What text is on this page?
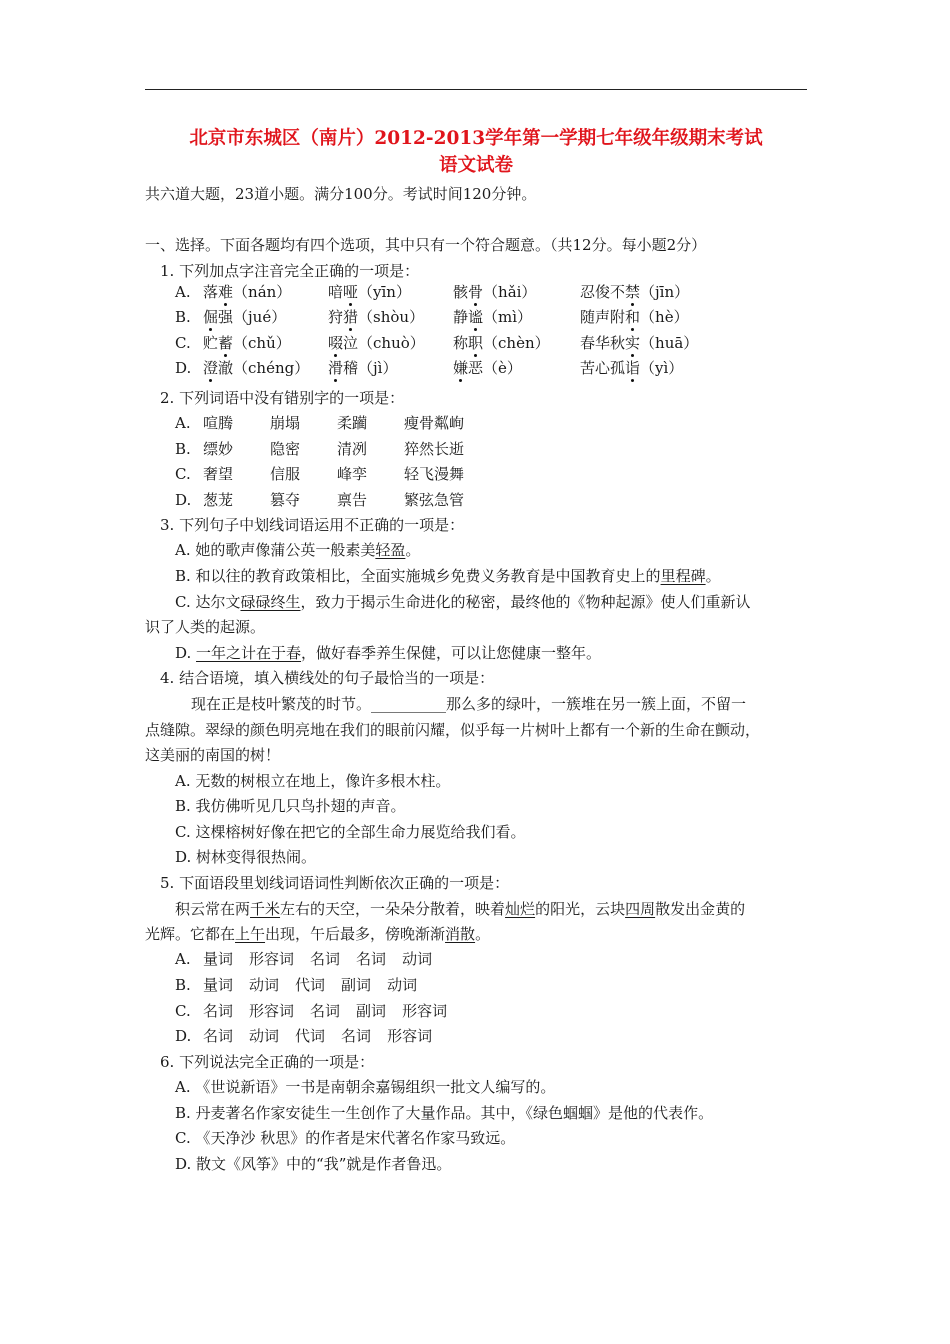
北京市东城区（南片）2012-2013学年第一学期七年级年级期末考试
语文试卷
共六道大题，23道小题。满分100分。考试时间120分钟。
一、选择。下面各题均有四个选项，其中只有一个符合题意。（共12分。每小题2分）
1. 下列加点字注音完全正确的一项是：
A. 落难（nán） 喑哑（yīn）	骸骨（hǎi）	忍俊不禁（jīn）
B. 倔强（jué）	狩猎（shòu） 静谧（mì）	随声附和（hè）
C. 贮蓄（chǔ） 啜泣（chuò） 称职（chèn） 春华秋实（huā）
D. 澄澈（chéng） 滑稽（jì）	嫌恶（è）	苦心孤诣（yì）
2. 下列词语中没有错别字的一项是：
A. 喧腾 崩塌 柔躏 瘦骨粼峋
B. 缥妙 隐密 清冽 猝然长逝
C. 奢望 信服 峰孪 轻飞漫舞
D. 葱茏 篡夺 禀告 繁弦急管
3. 下列句子中划线词语运用不正确的一项是：
A. 她的歌声像蒲公英一般素美轻盈。
B. 和以往的教育政策相比，全面实施城乡免费义务教育是中国教育史上的里程碑。
C. 达尔文碌碌终生，致力于揭示生命进化的秘密，最终他的《物种起源》使人们重新认
识了人类的起源。
D. 一年之计在于春，做好春季养生保健，可以让您健康一整年。
4. 结合语境，填入横线处的句子最恰当的一项是：
现在正是枝叶繁茂的时节。__________那么多的绿叶，一簇堆在另一簇上面，不留一
点缝隙。翠绿的颜色明亮地在我们的眼前闪耀，似乎每一片树叶上都有一个新的生命在颤动，
这美丽的南国的树！
A. 无数的树根立在地上，像许多根木柱。
B. 我仿佛听见几只鸟扑翅的声音。
C. 这棵榕树好像在把它的全部生命力展览给我们看。
D. 树林变得很热闹。
5. 下面语段里划线词语词性判断依次正确的一项是：
积云常在两千米左右的天空，一朵朵分散着，映着灿烂的阳光，云块四周散发出金黄的
光辉。它都在上午出现，午后最多，傍晚渐渐消散。
A. 量词 形容词 名词 名词 动词
B. 量词 动词 代词 副词 动词
C. 名词 形容词 名词 副词 形容词
D. 名词 动词 代词 名词 形容词
6. 下列说法完全正确的一项是：
A. 《世说新语》一书是南朝余嘉锡组织一批文人编写的。
B. 丹麦著名作家安徒生一生创作了大量作品。其中，《绿色蝈蝈》是他的代表作。
C. 《天净沙 秋思》的作者是宋代著名作家马致远。
D. 散文《风筝》中的“我”就是作者鲁迅。
